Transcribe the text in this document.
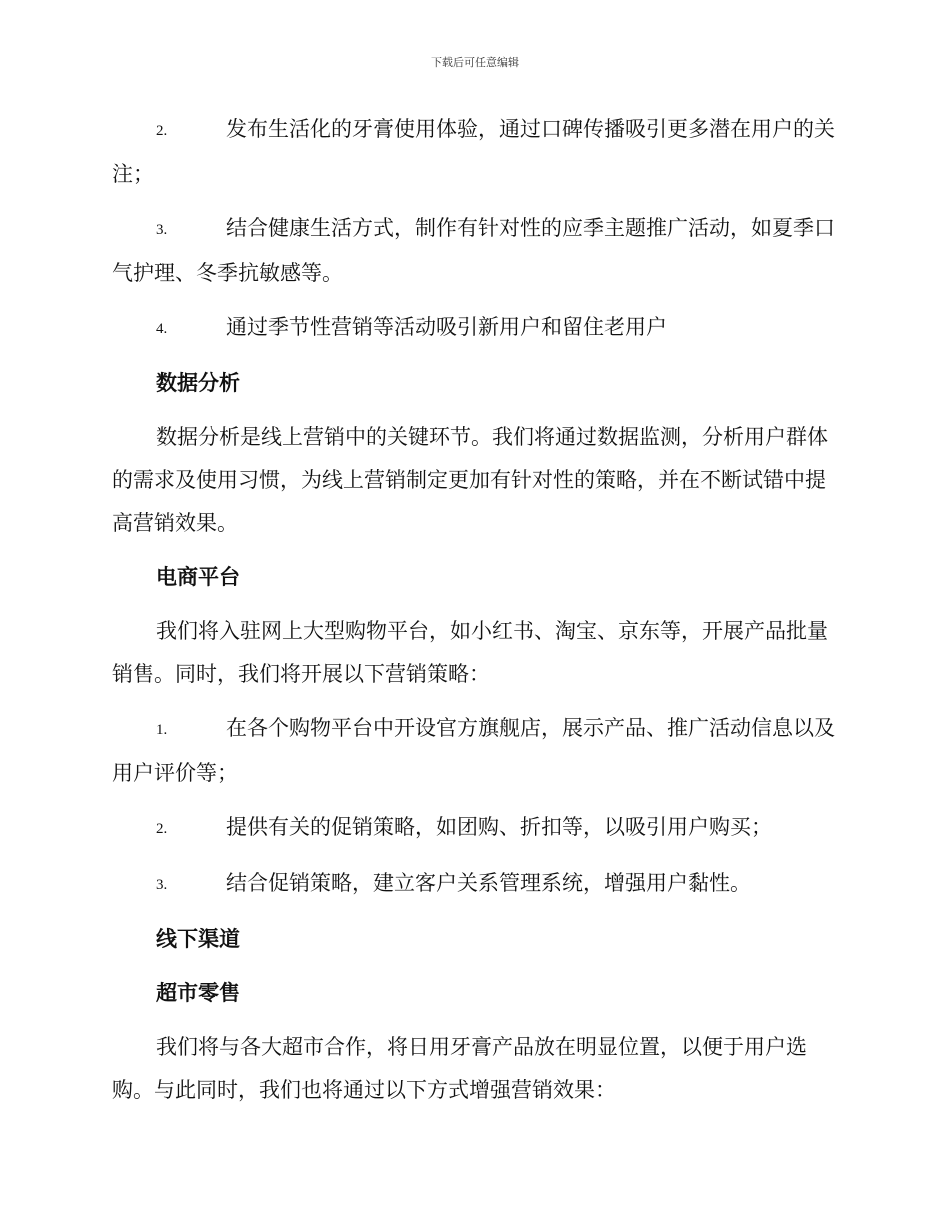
下载后可任意编辑
2.	发布生活化的牙膏使用体验，通过口碑传播吸引更多潜在用户的关注；
3.	结合健康生活方式，制作有针对性的应季主题推广活动，如夏季口气护理、冬季抗敏感等。
4.	通过季节性营销等活动吸引新用户和留住老用户
数据分析
数据分析是线上营销中的关键环节。我们将通过数据监测，分析用户群体的需求及使用习惯，为线上营销制定更加有针对性的策略，并在不断试错中提高营销效果。
电商平台
我们将入驻网上大型购物平台，如小红书、淘宝、京东等，开展产品批量销售。同时，我们将开展以下营销策略：
1.	在各个购物平台中开设官方旗舰店，展示产品、推广活动信息以及用户评价等；
2.	提供有关的促销策略，如团购、折扣等，以吸引用户购买；
3.	结合促销策略，建立客户关系管理系统，增强用户黏性。
线下渠道
超市零售
我们将与各大超市合作，将日用牙膏产品放在明显位置，以便于用户选购。与此同时，我们也将通过以下方式增强营销效果：
